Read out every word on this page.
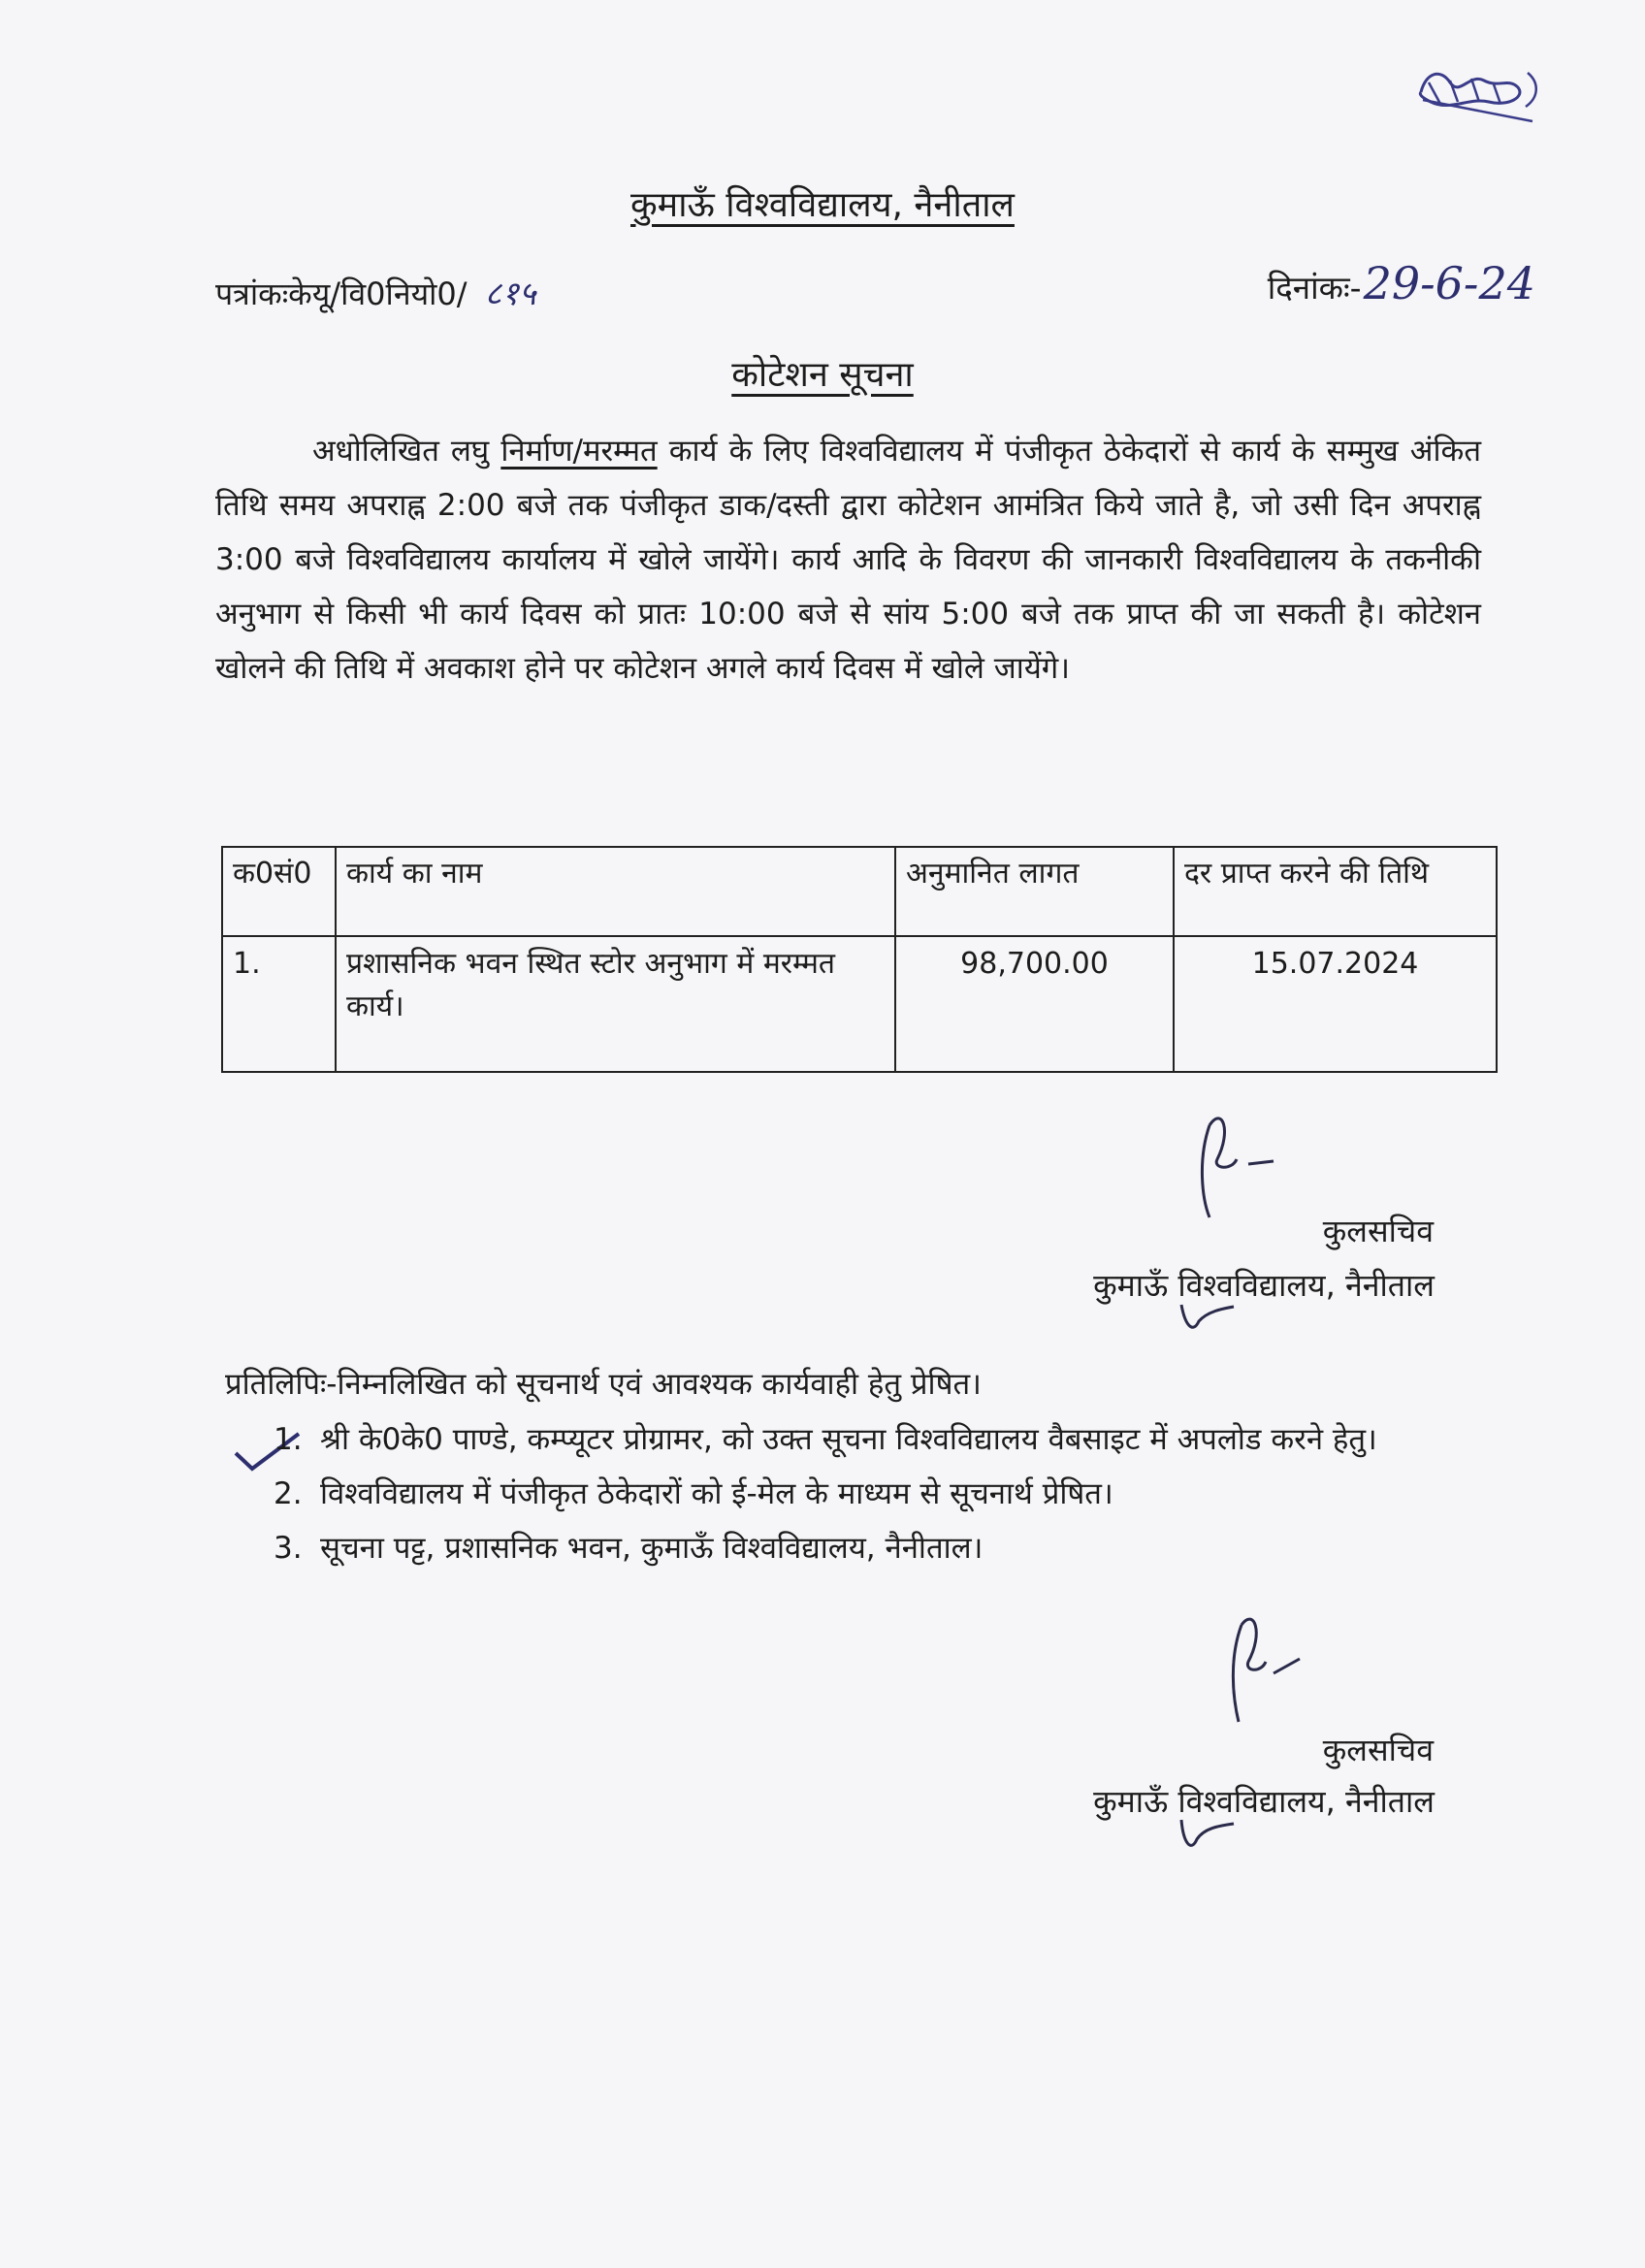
कुमाऊँ विश्वविद्यालय, नैनीताल
पत्रांकःकेयू/वि0नियो0/ ८१५	दिनांकः-29-6-24
कोटेशन सूचना
अधोलिखित लघु निर्माण/मरम्मत कार्य के लिए विश्वविद्यालय में पंजीकृत ठेकेदारों से कार्य के सम्मुख अंकित तिथि समय अपराह्न 2:00 बजे तक पंजीकृत डाक/दस्ती द्वारा कोटेशन आमंत्रित किये जाते है, जो उसी दिन अपराह्न 3:00 बजे विश्वविद्यालय कार्यालय में खोले जायेंगे। कार्य आदि के विवरण की जानकारी विश्वविद्यालय के तकनीकी अनुभाग से किसी भी कार्य दिवस को प्रातः 10:00 बजे से सांय 5:00 बजे तक प्राप्त की जा सकती है। कोटेशन खोलने की तिथि में अवकाश होने पर कोटेशन अगले कार्य दिवस में खोले जायेंगे।
क0सं0	कार्य का नाम	अनुमानित लागत	दर प्राप्त करने की तिथि
1.	प्रशासनिक भवन स्थित स्टोर अनुभाग में मरम्मत कार्य।	98,700.00	15.07.2024
कुलसचिव
कुमाऊँ विश्वविद्यालय, नैनीताल
प्रतिलिपिः-निम्नलिखित को सूचनार्थ एवं आवश्यक कार्यवाही हेतु प्रेषित।
1. श्री के0के0 पाण्डे, कम्प्यूटर प्रोग्रामर, को उक्त सूचना विश्वविद्यालय वैबसाइट में अपलोड करने हेतु।
2. विश्वविद्यालय में पंजीकृत ठेकेदारों को ई-मेल के माध्यम से सूचनार्थ प्रेषित।
3. सूचना पट्ट, प्रशासनिक भवन, कुमाऊँ विश्वविद्यालय, नैनीताल।
कुलसचिव
कुमाऊँ विश्वविद्यालय, नैनीताल
